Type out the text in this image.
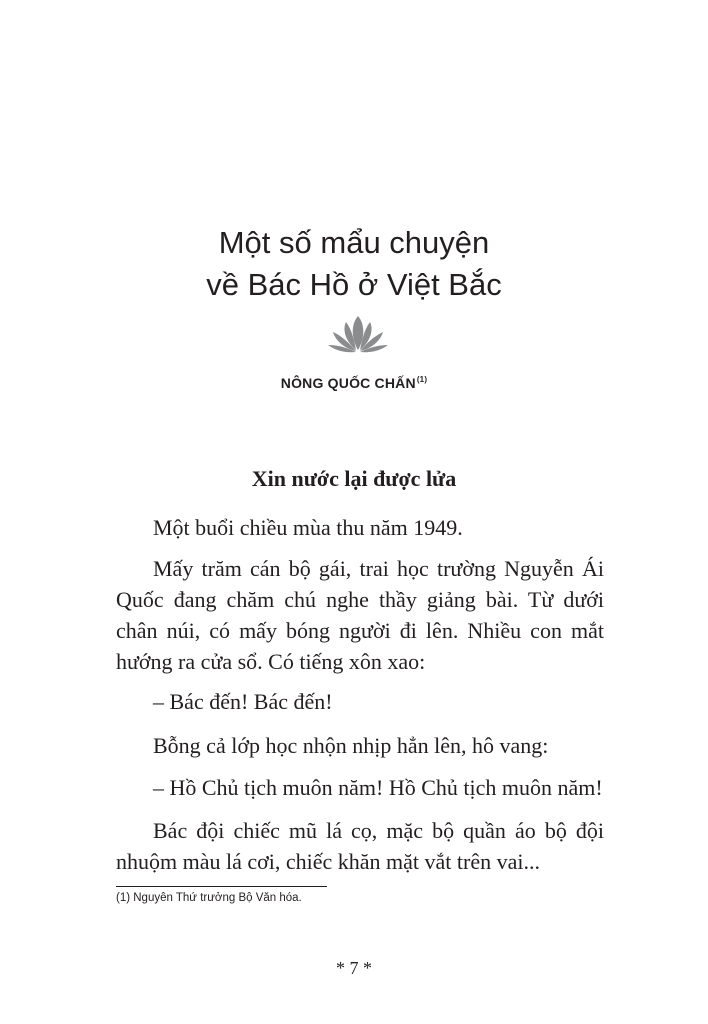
Một số mẩu chuyện
về Bác Hồ ở Việt Bắc
NÔNG QUỐC CHẤN$^{(1)}$
Xin nước lại được lửa
Một buổi chiều mùa thu năm 1949.
Mấy trăm cán bộ gái, trai học trường Nguyễn Ái
Quốc đang chăm chú nghe thầy giảng bài. Từ dưới
chân núi, có mấy bóng người đi lên. Nhiều con mắt
hướng ra cửa sổ. Có tiếng xôn xao:
– Bác đến! Bác đến!
Bỗng cả lớp học nhộn nhịp hẳn lên, hô vang:
– Hồ Chủ tịch muôn năm! Hồ Chủ tịch muôn năm!
Bác đội chiếc mũ lá cọ, mặc bộ quần áo bộ đội
nhuộm màu lá cơi, chiếc khăn mặt vắt trên vai...
(1) Nguyên Thứ trưởng Bộ Văn hóa.
* 7 *
